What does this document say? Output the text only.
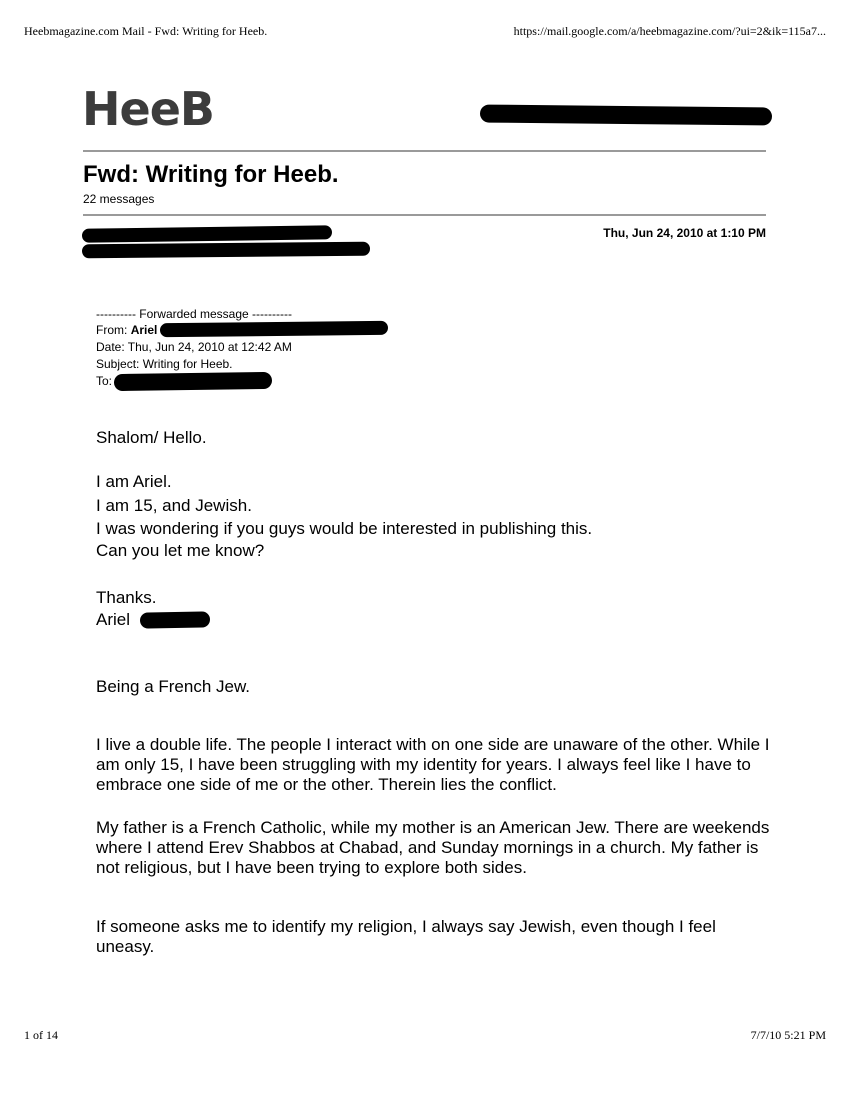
Heebmagazine.com Mail - Fwd: Writing for Heeb.	https://mail.google.com/a/heebmagazine.com/?ui=2&ik=115a7...
HeeB
Fwd: Writing for Heeb.
22 messages
Thu, Jun 24, 2010 at 1:10 PM
---------- Forwarded message ----------
From: Ariel
Date: Thu, Jun 24, 2010 at 12:42 AM
Subject: Writing for Heeb.
To:
Shalom/ Hello.
I am Ariel.
I am 15, and Jewish.
I was wondering if you guys would be interested in publishing this.
Can you let me know?
Thanks.
Ariel
Being a French Jew.

I live a double life. The people I interact with on one side are unaware of the other. While I am only 15, I have been struggling with my identity for years. I always feel like I have to embrace one side of me or the other. Therein lies the conflict.

My father is a French Catholic, while my mother is an American Jew. There are weekends where I attend Erev Shabbos at Chabad, and Sunday mornings in a church. My father is not religious, but I have been trying to explore both sides.

If someone asks me to identify my religion, I always say Jewish, even though I feel uneasy.

1 of 14	7/7/10 5:21 PM
